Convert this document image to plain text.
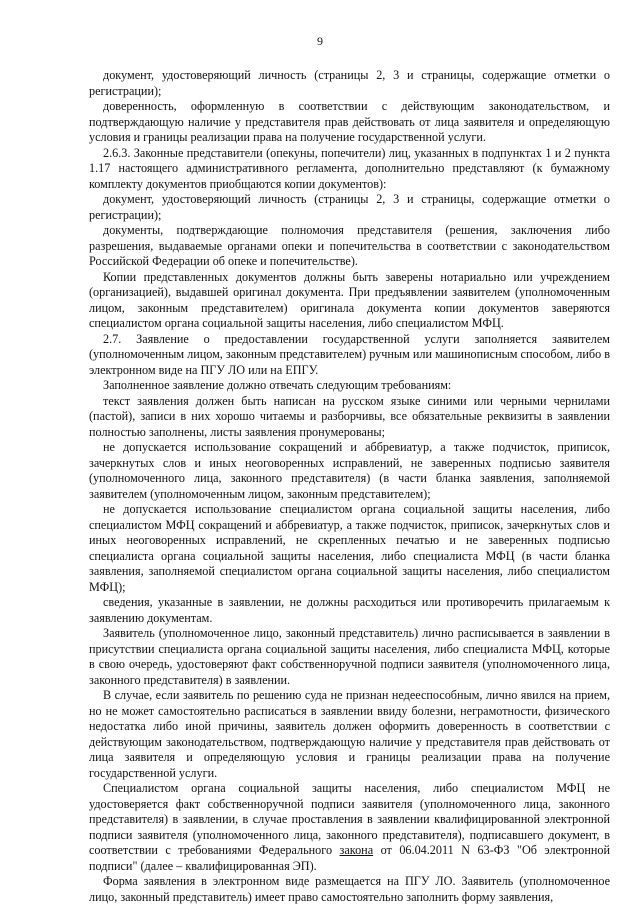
9

документ, удостоверяющий личность (страницы 2, 3 и страницы, содержащие отметки о регистрации);

доверенность, оформленную в соответствии с действующим законодательством, и подтверждающую наличие у представителя прав действовать от лица заявителя и определяющую условия и границы реализации права на получение государственной услуги.

2.6.3. Законные представители (опекуны, попечители) лиц, указанных в подпунктах 1 и 2 пункта 1.17 настоящего административного регламента, дополнительно представляют (к бумажному комплекту документов приобщаются копии документов):

документ, удостоверяющий личность (страницы 2, 3 и страницы, содержащие отметки о регистрации);

документы, подтверждающие полномочия представителя (решения, заключения либо разрешения, выдаваемые органами опеки и попечительства в соответствии с законодательством Российской Федерации об опеке и попечительстве).

Копии представленных документов должны быть заверены нотариально или учреждением (организацией), выдавшей оригинал документа. При предъявлении заявителем (уполномоченным лицом, законным представителем) оригинала документа копии документов заверяются специалистом органа социальной защиты населения, либо специалистом МФЦ.

2.7. Заявление о предоставлении государственной услуги заполняется заявителем (уполномоченным лицом, законным представителем) ручным или машинописным способом, либо в электронном виде на ПГУ ЛО или на ЕПГУ.

Заполненное заявление должно отвечать следующим требованиям:

текст заявления должен быть написан на русском языке синими или черными чернилами (пастой), записи в них хорошо читаемы и разборчивы, все обязательные реквизиты в заявлении полностью заполнены, листы заявления пронумерованы;

не допускается использование сокращений и аббревиатур, а также подчисток, приписок, зачеркнутых слов и иных неоговоренных исправлений, не заверенных подписью заявителя (уполномоченного лица, законного представителя) (в части бланка заявления, заполняемой заявителем (уполномоченным лицом, законным представителем);

не допускается использование специалистом органа социальной защиты населения, либо специалистом МФЦ сокращений и аббревиатур, а также подчисток, приписок, зачеркнутых слов и иных неоговоренных исправлений, не скрепленных печатью и не заверенных подписью специалиста органа социальной защиты населения, либо специалиста МФЦ (в части бланка заявления, заполняемой специалистом органа социальной защиты населения, либо специалистом МФЦ);

сведения, указанные в заявлении, не должны расходиться или противоречить прилагаемым к заявлению документам.

Заявитель (уполномоченное лицо, законный представитель) лично расписывается в заявлении в присутствии специалиста органа социальной защиты населения, либо специалиста МФЦ, которые в свою очередь, удостоверяют факт собственноручной подписи заявителя (уполномоченного лица, законного представителя) в заявлении.

В случае, если заявитель по решению суда не признан недееспособным, лично явился на прием, но не может самостоятельно расписаться в заявлении ввиду болезни, неграмотности, физического недостатка либо иной причины, заявитель должен оформить доверенность в соответствии с действующим законодательством, подтверждающую наличие у представителя прав действовать от лица заявителя и определяющую условия и границы реализации права на получение государственной услуги.

Специалистом органа социальной защиты населения, либо специалистом МФЦ не удостоверяется факт собственноручной подписи заявителя (уполномоченного лица, законного представителя) в заявлении, в случае проставления в заявлении квалифицированной электронной подписи заявителя (уполномоченного лица, законного представителя), подписавшего документ, в соответствии с требованиями Федерального закона от 06.04.2011 N 63-ФЗ "Об электронной подписи" (далее – квалифицированная ЭП).

Форма заявления в электронном виде размещается на ПГУ ЛО. Заявитель (уполномоченное лицо, законный представитель) имеет право самостоятельно заполнить форму заявления,
